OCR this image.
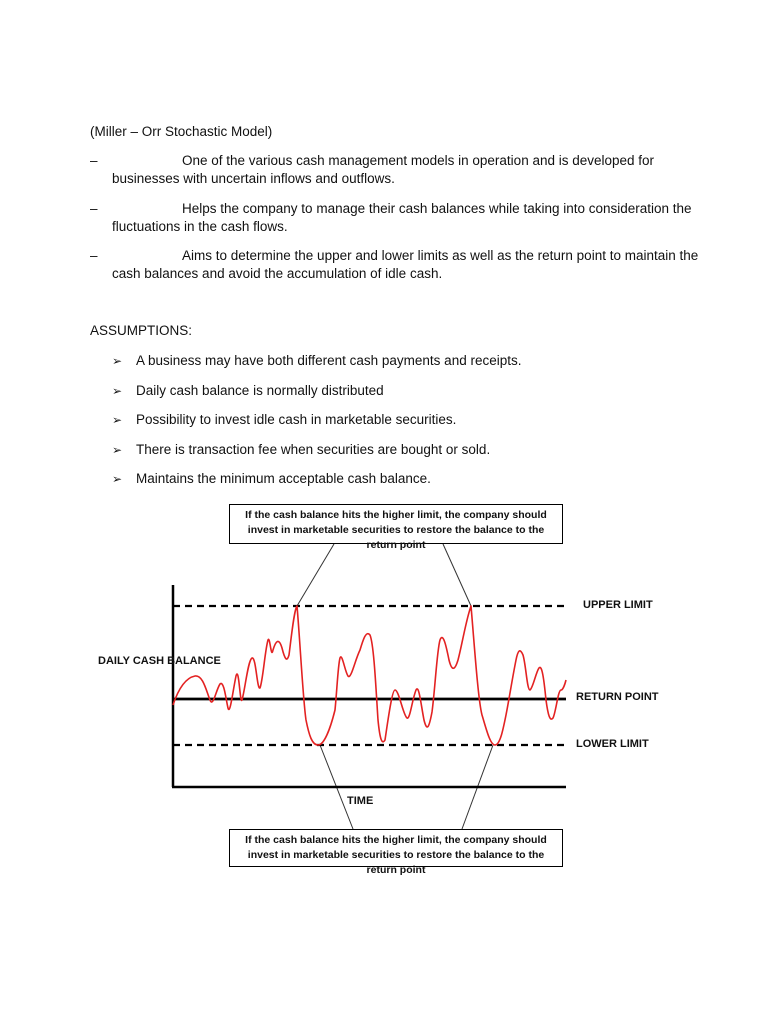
(Miller – Orr Stochastic Model)
–	One of the various cash management models in operation and is developed for
businesses with uncertain inflows and outflows.
–	Helps the company to manage their cash balances while taking into consideration the
fluctuations in the cash flows.
–	Aims to determine the upper and lower limits as well as the return point to maintain the
cash balances and avoid the accumulation of idle cash.
ASSUMPTIONS:
➢ A business may have both different cash payments and receipts.
➢ Daily cash balance is normally distributed
➢ Possibility to invest idle cash in marketable securities.
➢ There is transaction fee when securities are bought or sold.
➢ Maintains the minimum acceptable cash balance.
If the cash balance hits the higher limit, the company should invest in marketable securities to restore the balance to the return point
If the cash balance hits the higher limit, the company should invest in marketable securities to restore the balance to the return point
DAILY CASH BALANCE
TIME
UPPER LIMIT
RETURN POINT
LOWER LIMIT
